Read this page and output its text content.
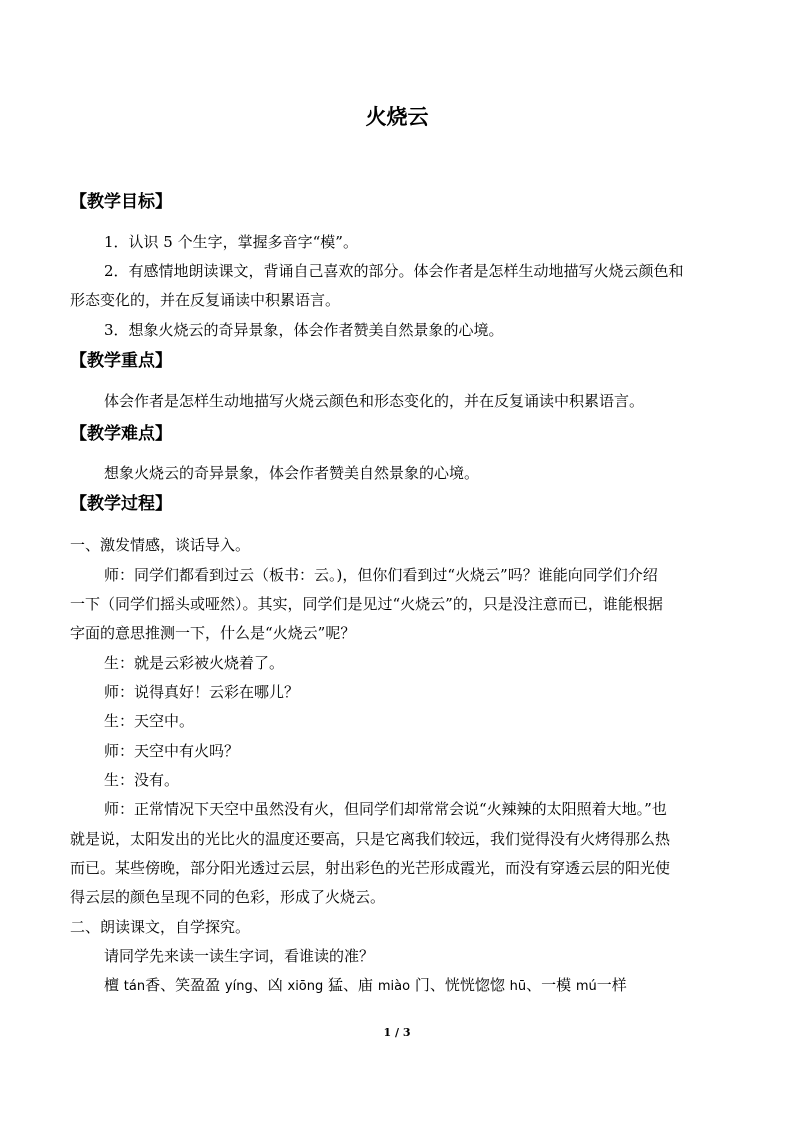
火烧云
【教学目标】

1．认识 5 个生字，掌握多音字“模”。

2．有感情地朗读课文，背诵自己喜欢的部分。体会作者是怎样生动地描写火烧云颜色和

形态变化的，并在反复诵读中积累语言。

3．想象火烧云的奇异景象，体会作者赞美自然景象的心境。

【教学重点】

体会作者是怎样生动地描写火烧云颜色和形态变化的，并在反复诵读中积累语言。

【教学难点】

想象火烧云的奇异景象，体会作者赞美自然景象的心境。

【教学过程】

一、激发情感，谈话导入。

师：同学们都看到过云（板书：云。)，但你们看到过“火烧云”吗？谁能向同学们介绍

一下（同学们摇头或哑然）。其实，同学们是见过“火烧云”的，只是没注意而已，谁能根据

字面的意思推测一下，什么是“火烧云”呢？

生：就是云彩被火烧着了。

师：说得真好！云彩在哪儿？

生：天空中。

师：天空中有火吗？

生：没有。

师：正常情况下天空中虽然没有火，但同学们却常常会说“火辣辣的太阳照着大地。”也

就是说，太阳发出的光比火的温度还要高，只是它离我们较远，我们觉得没有火烤得那么热

而已。某些傍晚，部分阳光透过云层，射出彩色的光芒形成霞光，而没有穿透云层的阳光使

得云层的颜色呈现不同的色彩，形成了火烧云。

二、朗读课文，自学探究。

请同学先来读一读生字词，看谁读的准？

檀 tán香、笑盈盈 yíng、凶 xiōng 猛、庙 miào 门、恍恍惚惚 hū、一模 mú一样

1 / 3
